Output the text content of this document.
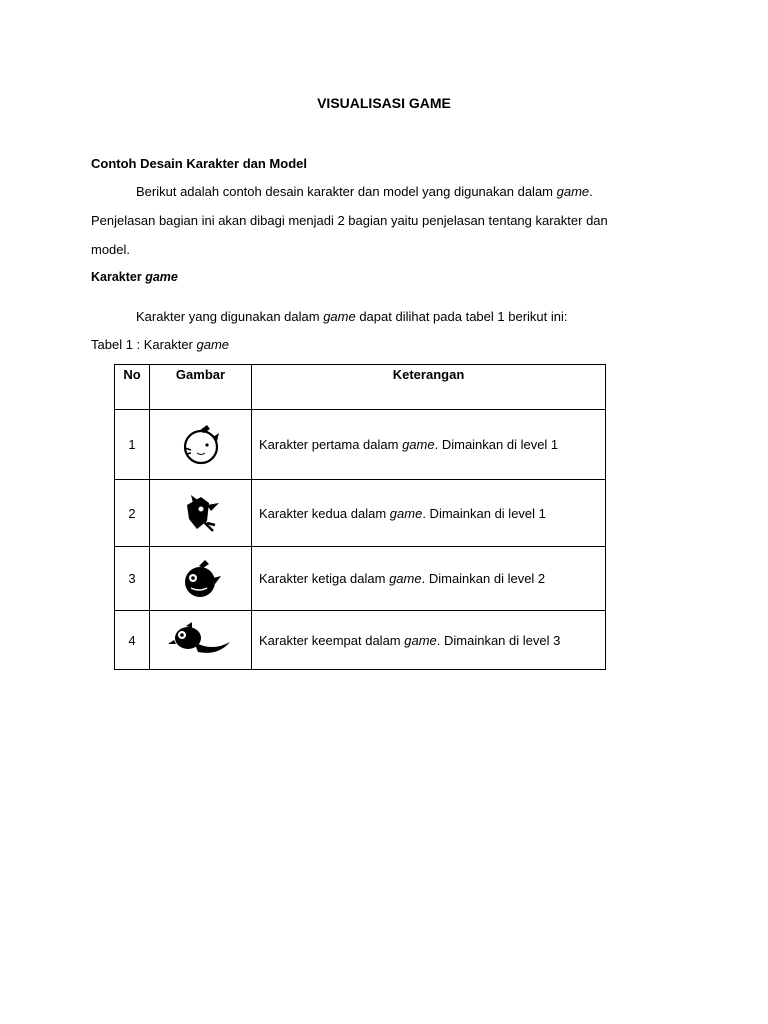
VISUALISASI GAME
Contoh Desain Karakter dan Model
Berikut adalah contoh desain karakter dan model yang digunakan dalam game.
Penjelasan bagian ini akan dibagi menjadi 2 bagian yaitu penjelasan tentang karakter dan
model.
Karakter game
Karakter yang digunakan dalam game dapat dilihat pada tabel 1 berikut ini:
Tabel 1 : Karakter game
No	Gambar	Keterangan
1		Karakter pertama dalam game. Dimainkan di level 1
2		Karakter kedua dalam game. Dimainkan di level 1
3		Karakter ketiga dalam game. Dimainkan di level 2
4		Karakter keempat dalam game. Dimainkan di level 3
